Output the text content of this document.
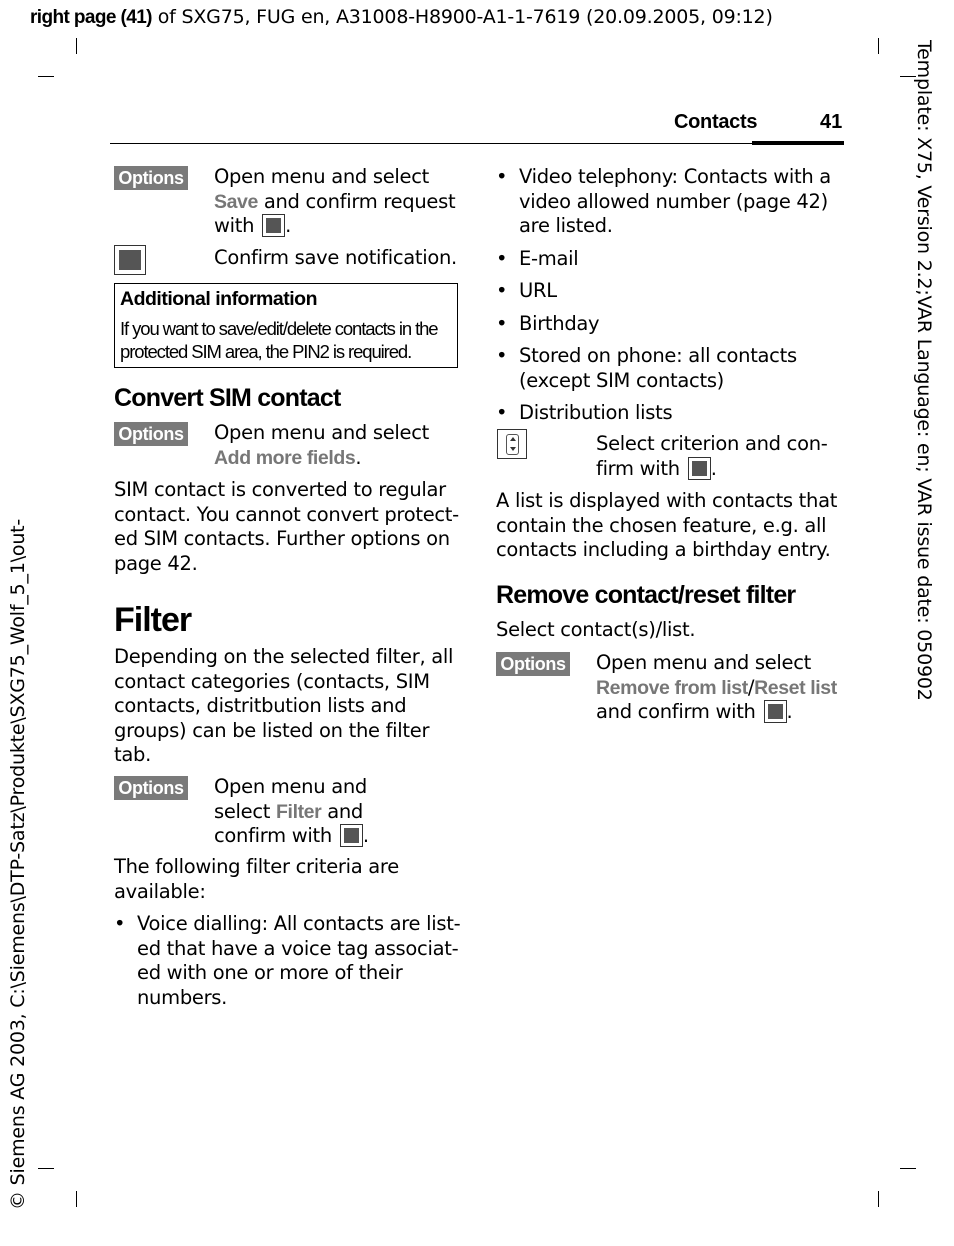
right page (41) of SXG75, FUG en, A31008-H8900-A1-1-7619 (20.09.2005, 09:12)
Template: X75, Version 2.2;VAR Language: en; VAR issue date: 050902
© Siemens AG 2003, C:\Siemens\DTP-Satz\Produkte\SXG75_Wolf_5_1\out-
Contacts	41
Options Open menu and select
Save and confirm request with .
Confirm save notification.
Additional information
If you want to save/edit/delete contacts in the protected SIM area, the PIN2 is required.
Convert SIM contact
Options Open menu and select
Add more fields.
SIM contact is converted to regular contact. You cannot convert protect-ed SIM contacts. Further options on page 42.
Filter
Depending on the selected filter, all contact categories (contacts, SIM contacts, distritbution lists and groups) can be listed on the filter tab.
Options Open menu and select Filter and confirm with .
The following filter criteria are available:
• Voice dialling: All contacts are list-ed that have a voice tag associat-ed with one or more of their numbers.
• Video telephony: Contacts with a video allowed number (page 42) are listed.
• E-mail
• URL
• Birthday
• Stored on phone: all contacts (except SIM contacts)
• Distribution lists
Select criterion and con-firm with .
A list is displayed with contacts that contain the chosen feature, e.g. all contacts including a birthday entry.
Remove contact/reset filter
Select contact(s)/list.
Options Open menu and select
Remove from list/Reset list
and confirm with .
